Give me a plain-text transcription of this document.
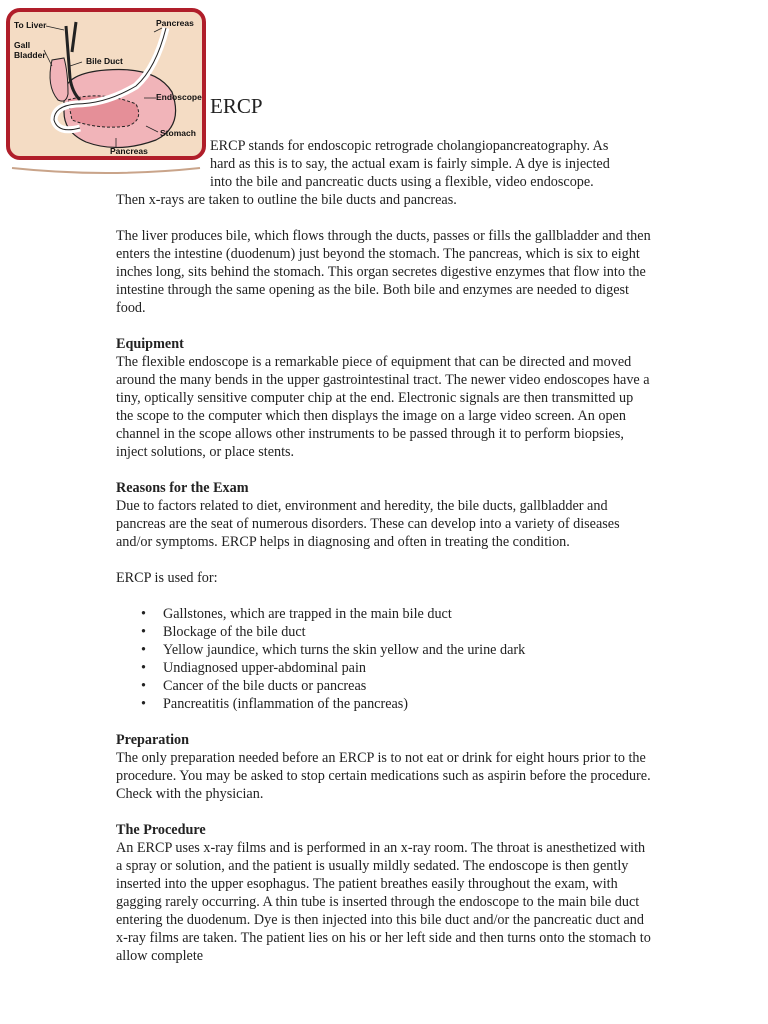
To Liver
Gall
Bladder
Bile Duct
Pancreas
Endoscope
Stomach
Pancreas
ERCP

ERCP stands for endoscopic retrograde cholangiopancreatography. As
hard as this is to say, the actual exam is fairly simple. A dye is injected
into the bile and pancreatic ducts using a flexible, video endoscope.
Then x-rays are taken to outline the bile ducts and pancreas.

The liver produces bile, which flows through the ducts, passes or fills the gallbladder and then enters the intestine (duodenum) just beyond the stomach. The pancreas, which is six to eight inches long, sits behind the stomach. This organ secretes digestive enzymes that flow into the intestine through the same opening as the bile. Both bile and enzymes are needed to digest food.

Equipment

The flexible endoscope is a remarkable piece of equipment that can be directed and moved around the many bends in the upper gastrointestinal tract. The newer video endoscopes have a tiny, optically sensitive computer chip at the end. Electronic signals are then transmitted up the scope to the computer which then displays the image on a large video screen. An open channel in the scope allows other instruments to be passed through it to perform biopsies, inject solutions, or place stents.

Reasons for the Exam

Due to factors related to diet, environment and heredity, the bile ducts, gallbladder and pancreas are the seat of numerous disorders. These can develop into a variety of diseases and/or symptoms. ERCP helps in diagnosing and often in treating the condition.

ERCP is used for:

• Gallstones, which are trapped in the main bile duct
• Blockage of the bile duct
• Yellow jaundice, which turns the skin yellow and the urine dark
• Undiagnosed upper-abdominal pain
• Cancer of the bile ducts or pancreas
• Pancreatitis (inflammation of the pancreas)
Preparation

The only preparation needed before an ERCP is to not eat or drink for eight hours prior to the procedure. You may be asked to stop certain medications such as aspirin before the procedure. Check with the physician.

The Procedure

An ERCP uses x-ray films and is performed in an x-ray room. The throat is anesthetized with a spray or solution, and the patient is usually mildly sedated. The endoscope is then gently inserted into the upper esophagus. The patient breathes easily throughout the exam, with gagging rarely occurring. A thin tube is inserted through the endoscope to the main bile duct entering the duodenum. Dye is then injected into this bile duct and/or the pancreatic duct and x-ray films are taken. The patient lies on his or her left side and then turns onto the stomach to allow complete
